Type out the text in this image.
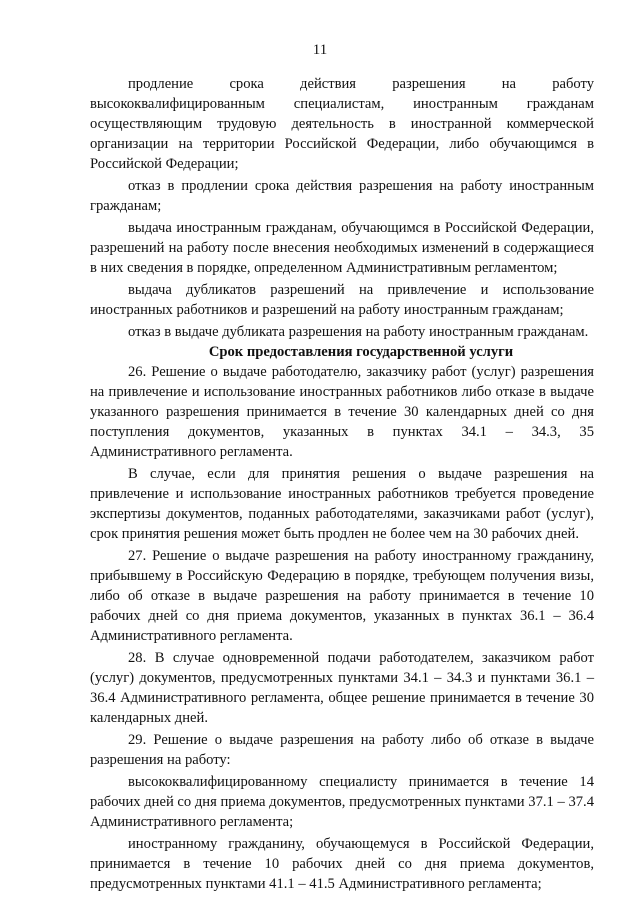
11

продление срока действия разрешения на работу высококвалифицированным специалистам, иностранным гражданам осуществляющим трудовую деятельность в иностранной коммерческой организации на территории Российской Федерации, либо обучающимся в Российской Федерации;

отказ в продлении срока действия разрешения на работу иностранным гражданам;

выдача иностранным гражданам, обучающимся в Российской Федерации, разрешений на работу после внесения необходимых изменений в содержащиеся в них сведения в порядке, определенном Административным регламентом;

выдача дубликатов разрешений на привлечение и использование иностранных работников и разрешений на работу иностранным гражданам;

отказ в выдаче дубликата разрешения на работу иностранным гражданам.

Срок предоставления государственной услуги

26. Решение о выдаче работодателю, заказчику работ (услуг) разрешения на привлечение и использование иностранных работников либо отказе в выдаче указанного разрешения принимается в течение 30 календарных дней со дня поступления документов, указанных в пунктах 34.1 – 34.3, 35 Административного регламента.

В случае, если для принятия решения о выдаче разрешения на привлечение и использование иностранных работников требуется проведение экспертизы документов, поданных работодателями, заказчиками работ (услуг), срок принятия решения может быть продлен не более чем на 30 рабочих дней.

27. Решение о выдаче разрешения на работу иностранному гражданину, прибывшему в Российскую Федерацию в порядке, требующем получения визы, либо об отказе в выдаче разрешения на работу принимается в течение 10 рабочих дней со дня приема документов, указанных в пунктах 36.1 – 36.4 Административного регламента.

28. В случае одновременной подачи работодателем, заказчиком работ (услуг) документов, предусмотренных пунктами 34.1 – 34.3 и пунктами 36.1 – 36.4 Административного регламента, общее решение принимается в течение 30 календарных дней.

29. Решение о выдаче разрешения на работу либо об отказе в выдаче разрешения на работу:

высококвалифицированному специалисту принимается в течение 14 рабочих дней со дня приема документов, предусмотренных пунктами 37.1 – 37.4 Административного регламента;

иностранному гражданину, обучающемуся в Российской Федерации, принимается в течение 10 рабочих дней со дня приема документов, предусмотренных пунктами 41.1 – 41.5 Административного регламента;
